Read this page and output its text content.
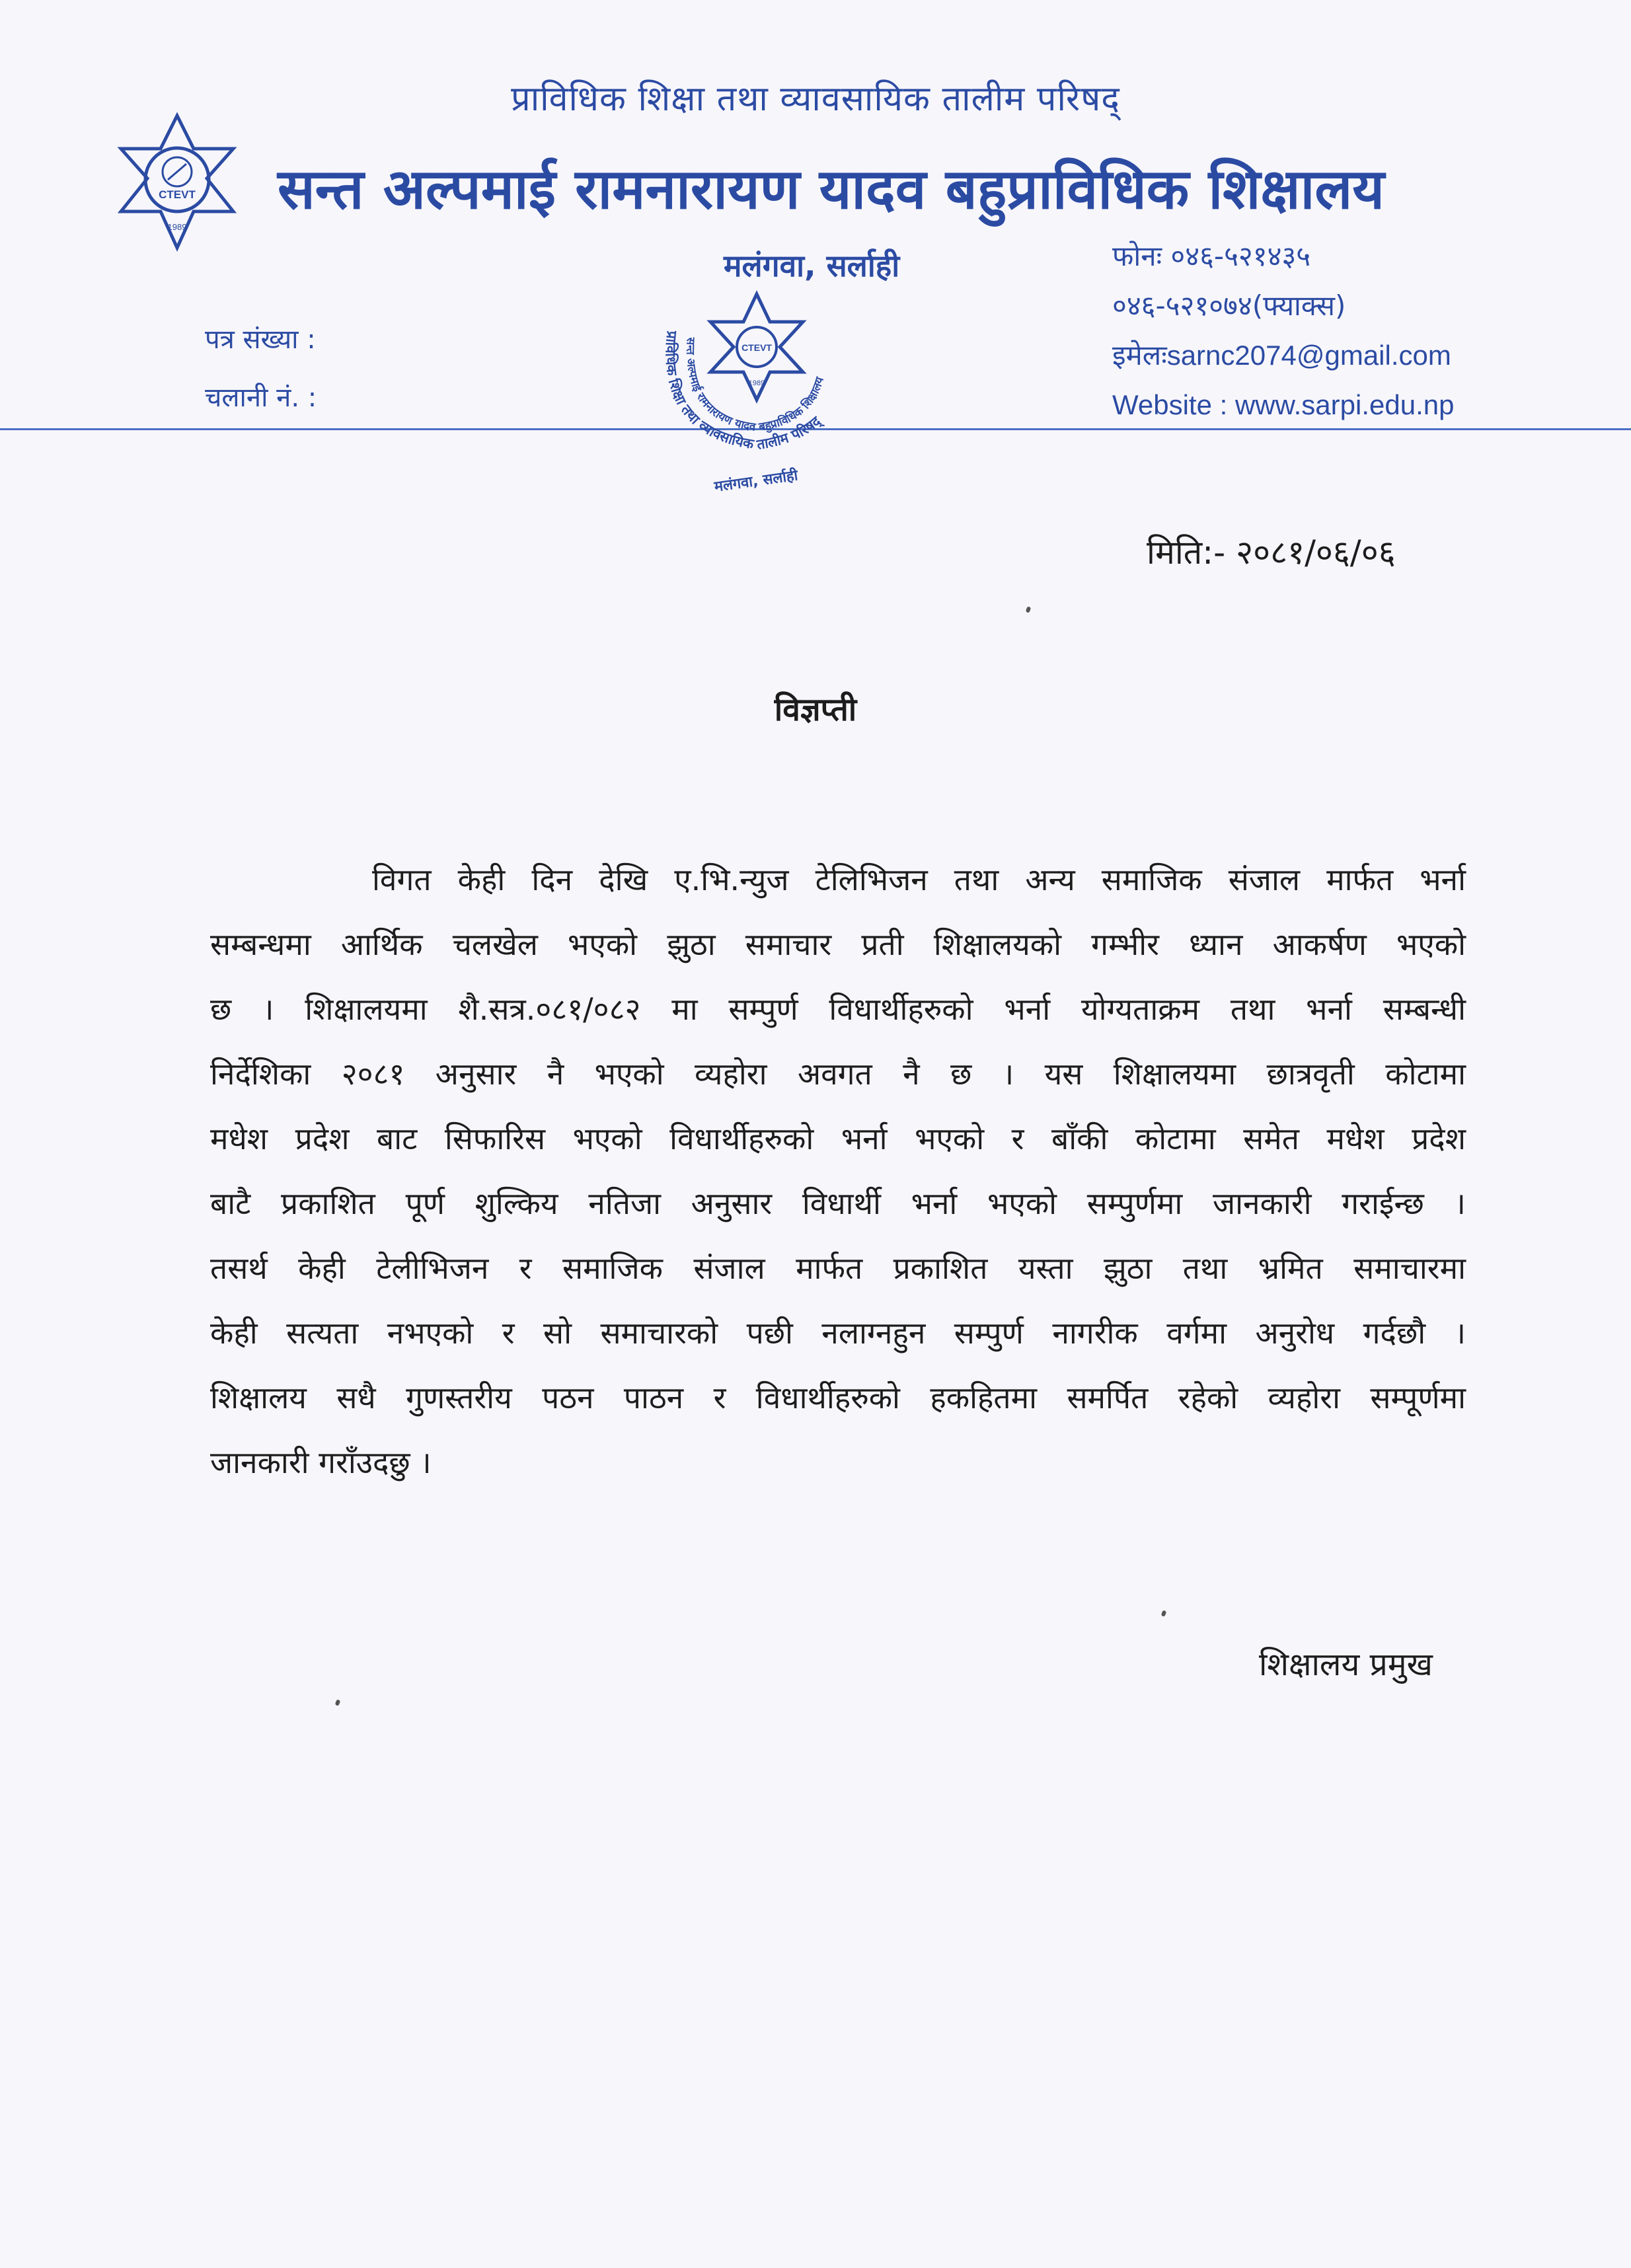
प्राविधिक शिक्षा तथा व्यावसायिक तालीम परिषद्
CTEVT
1989
सन्त अल्पमाई रामनारायण यादव बहुप्राविधिक शिक्षालय
मलंगवा, सर्लाही	फोनः ०४६-५२१४३५
०४६-५२१०७४(फ्याक्स)
इमेलःsarnc2074@gmail.com
Website : www.sarpi.edu.np
पत्र संख्या :
चलानी नं. :
CTEVT
1989
प्राविधिक शिक्षा तथा व्यावसायिक तालीम परिषद्
सन्त अल्पमाई रामनारायण यादव बहुप्राविधिक शिक्षालय
मलंगवा, सर्लाही
मिति:- २०८१/०६/०६
विज्ञप्ती
विगत केही दिन देखि ए.भि.न्युज टेलिभिजन तथा अन्य समाजिक संजाल मार्फत भर्ना
सम्बन्धमा आर्थिक चलखेल भएको झुठा समाचार प्रती शिक्षालयको गम्भीर ध्यान आकर्षण भएको
छ । शिक्षालयमा शै.सत्र.०८१/०८२ मा सम्पुर्ण विधार्थीहरुको भर्ना योग्यताक्रम तथा भर्ना सम्बन्धी
निर्देशिका २०८१ अनुसार नै भएको व्यहोरा अवगत नै छ । यस शिक्षालयमा छात्रवृती कोटामा
मधेश प्रदेश बाट सिफारिस भएको विधार्थीहरुको भर्ना भएको र बाँकी कोटामा समेत मधेश प्रदेश
बाटै प्रकाशित पूर्ण शुल्किय नतिजा अनुसार विधार्थी भर्ना भएको सम्पुर्णमा जानकारी गराईन्छ ।
तसर्थ केही टेलीभिजन र समाजिक संजाल मार्फत प्रकाशित यस्ता झुठा तथा भ्रमित समाचारमा
केही सत्यता नभएको र सो समाचारको पछी नलाग्नहुन सम्पुर्ण नागरीक वर्गमा अनुरोध गर्दछौ ।
शिक्षालय सधै गुणस्तरीय पठन पाठन र विधार्थीहरुको हकहितमा समर्पित रहेको व्यहोरा सम्पूर्णमा
जानकारी गराँउदछु ।
शिक्षालय प्रमुख
